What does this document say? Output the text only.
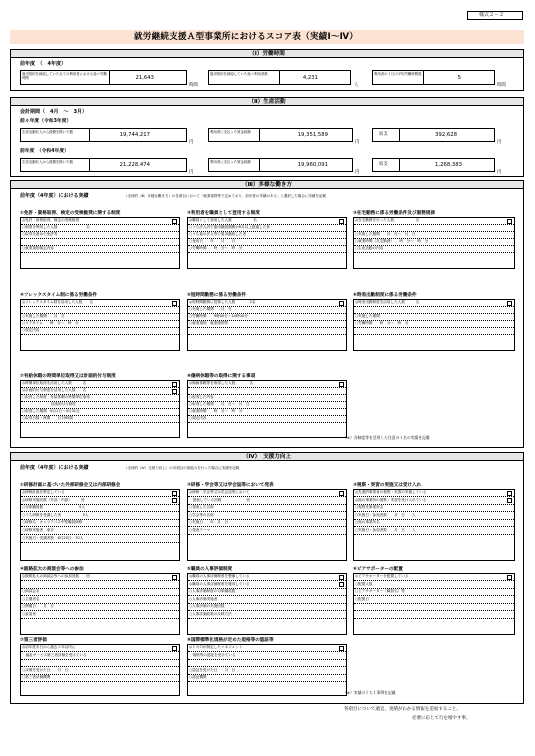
様式２－２
就労継続支援Ａ型事業所におけるスコア表（実績Ⅰ～Ⅳ）
（Ⅰ）労働時間
前年度　（　4年度）
雇用契約を締結していた全ての利用者における延べ労働時間	21,643
時間
雇用契約を締結していた延べ利用者数
4,231
人
利用者の１日の平均労働時間数
5
時間
（Ⅱ）生産活動
会計期間（　4月　～　3月）
前々年度（令和3年度）
生産活動収入から経費を除いた額	19,744,217
円
利用者に支払った賃金総額	19,351,589
円
収支	392,628
円
前年度　（令和4年度）
生産活動収入から経費を除いた額	21,228,474
円
利用者に支払った賃金総額	19,960,091
円
収支	1,268,383
円
（Ⅲ）多様な働き方
前年度（4年度）における実績	（全体的（Ⅲ）多様な働き方）の各項目において「就業規則等で定めており、前年度の実績がある」と選択した場合に実績を記載
①免許・資格取得、検定の受検勧奨に関する制度
◎免許・資格取得、検定の受検勧奨
○制度を利用した人数　　　　　　　　名
○取得を進めた免許等
○就業規則規定内容
②利用者を職員として登用する制度
◎職員として登用した人数　　　　　　名
○うち法人内で雇用継続期間が6月以上経過した者
○うち他の法人等で雇用継続した者
○登用日　　年　　月　　日
○労働時間　　時　分～　時　分
③在宅勤務に係る労働条件及び服務規律
◎在宅勤務を行った人数　　　　　　名
○実施した期間　　月　日～　月　日
○就業時間（在宅勤務）　　時　分～　時　分
○生産活動の内容
④フレックスタイム制に係る労働条件
◎フレックスタイム制を活用した人数　　名
○実施した期間　　月　日
○コアタイム　　時　分～　時　分
○規定内容
⑤短時間勤務に係る労働条件
◎短時間勤務に従事した人数　　　　2名
○実施した期間　　月　日
○労働時間　　9時00分～14時00分
○就業規則　就業規則等
⑥時差出勤制度に係る労働条件
◎時差出勤制度を活用した人数　　　名
○実施した期間
○労働時間　　時　分～　時　分
⑦有給休暇の時間単位取得又は計画的付与制度
◎時間単位取得を活用した人数　　　名
◎計画的付与制度を活用した人数　　名
○取得した制度　有給休暇の時間単位取得
　　　　　　　　計画的付与制度
○取得した期間　8月1日～3月31日
○取得日数・時間　　日75時間
⑧傷病休暇等の取得に関する事項
◎傷病休暇等を取得した人数　　　　名
○取得した内容
○取得した期間　　月　日～　月　日
○就業時間　　時　分～　時　分
○規定内容
（※）各制度等を活用した任意の１名の実績を記載
（Ⅳ）　支援力向上
前年度（4年度）における実績	（全体的（Ⅳ）支援力向上）の各項目の取組みを行った場合に実績を記載
①研修計画に基づいた外部研修会又は内部研修会
◎研修計画を策定している
◎研修実施回数（外部・内部）　　　回
○対象職員数　　　　　　　　　　5人
○うち研修を受講した者　　　　　　5人
○研修名　キャリアパス中堅職員研修
○研修実施者　東京
○実施日・受講者数　8月25日　70人
②研修・学会等又は学会誌等において発表
◎研修・学会等又は学会誌等において
　発表している回数　　　　　　　回
○発表した名称
○学会等の名称
○実施日　　年　月　日
○発表テーマ
③視察・実習の実施又は受け入れ
◎先進的事業者の視察・実習の実施している
◎他の事業所の視察・実習を受け入れている
○視察先事業所名
○実施日・参加者数　　月　日　　人
○他の事業所名
○実施日・参加者数　　月　日　　人
④販路拡大の商談会等への参加
◎販路拡大の商談会等への参加回数　　回
○商談会名
○主催者名
○開催日　　月　日
○参加者
⑤職員の人事評価制度
◎職員の人事評価制度を整備している
◎職員の人事評価制度を運用している
○人事評価制度の対象職員数
○人事評価実施者
○人事評価の実施回数
○人事評価結果の反映方法
⑥ピアサポーターの配置
◎ピアサポーターを配置している
○配置人数
○ピアサポーター（職員名）等
○配置日
⑦第三者評価
◎前年度末日から過去３年以内に
　福祉サービス第三者評価を受けている
○評価を受けた日　　月　日
○第三者評価機関
⑧国際標準化規格が定めた規格等の認証等
◎ＩＳＯが制定したマネジメント
　規格等の認証を受けている
○認証を受けた日　　月　日
○認証機関
（※）実績のうち１事例を記載
各項目について適宜、実績がわかる情報を追加すること。
必要に応じて行を増やす事。
